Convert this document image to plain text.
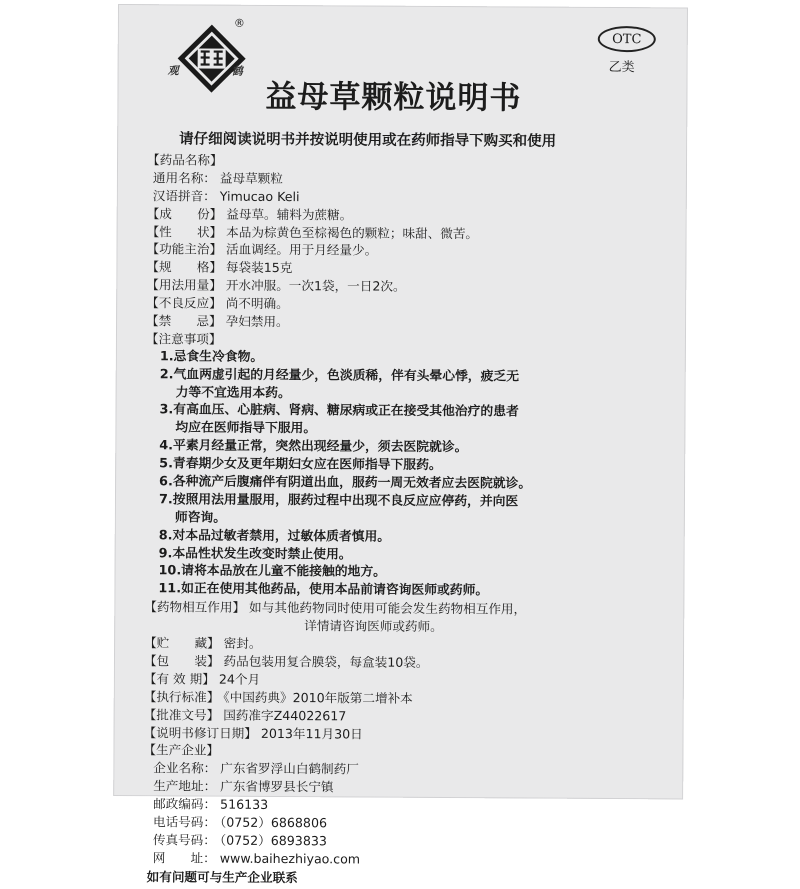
®
观	鹤
益母草颗粒说明书
OTC
乙类
请仔细阅读说明书并按说明使用或在药师指导下购买和使用
【药品名称】
通用名称： 益母草颗粒
汉语拼音： Yimucao Keli
【成　　份】 益母草。辅料为蔗糖。
【性　　状】 本品为棕黄色至棕褐色的颗粒；味甜、微苦。
【功能主治】 活血调经。用于月经量少。
【规　　格】 每袋装15克
【用法用量】 开水冲服。一次1袋，一日2次。
【不良反应】 尚不明确。
【禁　　忌】 孕妇禁用。
【注意事项】
1.忌食生冷食物。
2.气血两虚引起的月经量少，色淡质稀，伴有头晕心悸，疲乏无
力等不宜选用本药。
3.有高血压、心脏病、肾病、糖尿病或正在接受其他治疗的患者
均应在医师指导下服用。
4.平素月经量正常，突然出现经量少，须去医院就诊。
5.青春期少女及更年期妇女应在医师指导下服药。
6.各种流产后腹痛伴有阴道出血，服药一周无效者应去医院就诊。
7.按照用法用量服用，服药过程中出现不良反应应停药，并向医
师咨询。
8.对本品过敏者禁用，过敏体质者慎用。
9.本品性状发生改变时禁止使用。
10.请将本品放在儿童不能接触的地方。
11.如正在使用其他药品，使用本品前请咨询医师或药师。
【药物相互作用】 如与其他药物同时使用可能会发生药物相互作用，
详情请咨询医师或药师。
【贮　　藏】 密封。
【包　　装】 药品包装用复合膜袋，每盒装10袋。
【有 效 期】 24个月
【执行标准】 《中国药典》2010年版第二增补本
【批准文号】 国药准字Z44022617
【说明书修订日期】 2013年11月30日
【生产企业】
企业名称： 广东省罗浮山白鹤制药厂
生产地址： 广东省博罗县长宁镇
邮政编码： 516133
电话号码： （0752）6868806
传真号码： （0752）6893833
网　　址： www.baihezhiyao.com
如有问题可与生产企业联系
